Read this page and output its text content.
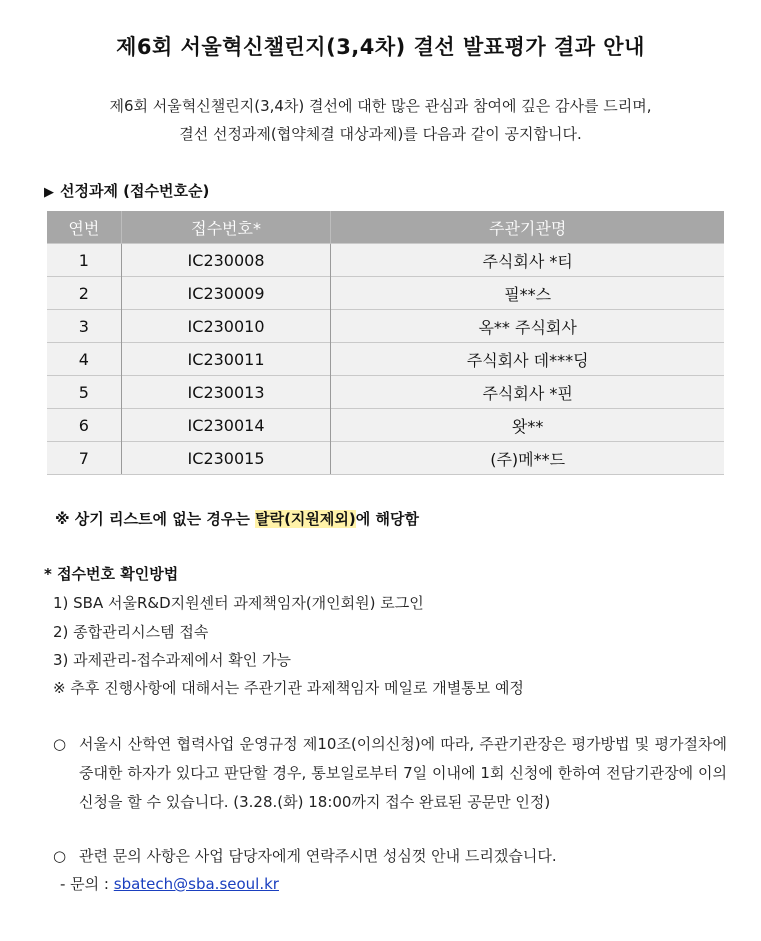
제6회 서울혁신챌린지(3,4차) 결선 발표평가 결과 안내
제6회 서울혁신챌린지(3,4차) 결선에 대한 많은 관심과 참여에 깊은 감사를 드리며,
결선 선정과제(협약체결 대상과제)를 다음과 같이 공지합니다.
▶ 선정과제 (접수번호순)
연번	접수번호*	주관기관명
1	IC230008	주식회사 *티
2	IC230009	필**스
3	IC230010	옥** 주식회사
4	IC230011	주식회사 데***딩
5	IC230013	주식회사 *핀
6	IC230014	왓**
7	IC230015	(주)메**드
※ 상기 리스트에 없는 경우는 탈락(지원제외)에 해당함
* 접수번호 확인방법
1) SBA 서울R&D지원센터 과제책임자(개인회원) 로그인
2) 종합관리시스템 접속
3) 과제관리-접수과제에서 확인 가능
※ 추후 진행사항에 대해서는 주관기관 과제책임자 메일로 개별통보 예정
○ 서울시 산학연 협력사업 운영규정 제10조(이의신청)에 따라, 주관기관장은 평가방법 및 평가절차에 중대한 하자가 있다고 판단할 경우, 통보일로부터 7일 이내에 1회 신청에 한하여 전담기관장에 이의신청을 할 수 있습니다. (3.28.(화) 18:00까지 접수 완료된 공문만 인정)
○ 관련 문의 사항은 사업 담당자에게 연락주시면 성심껏 안내 드리겠습니다.
- 문의 : sbatech@sba.seoul.kr
